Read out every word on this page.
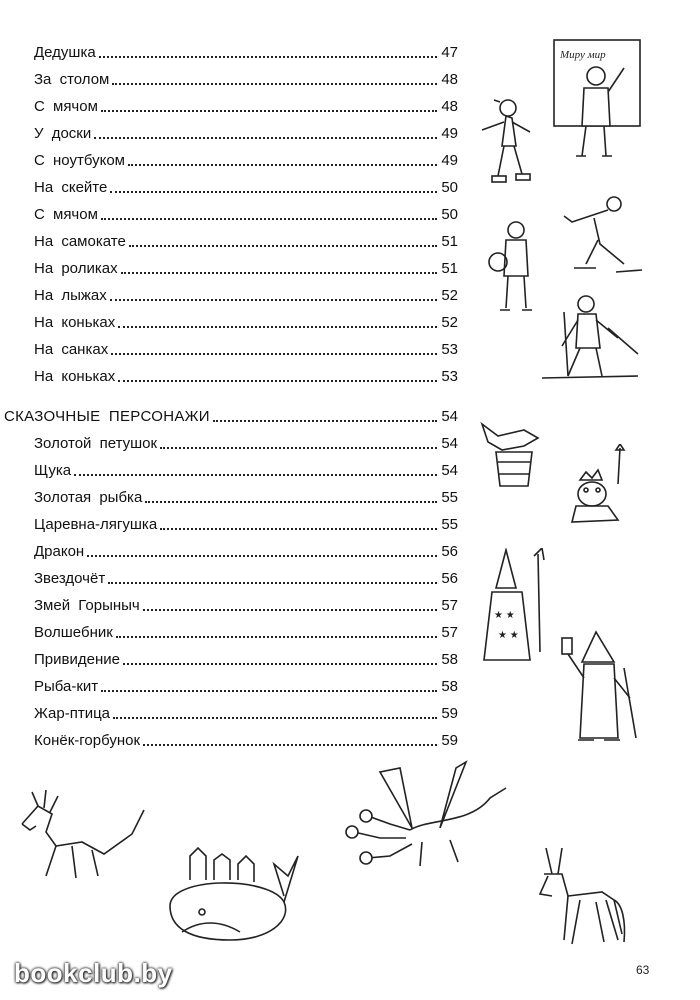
Дедушка	47
За столом	48
С мячом	48
У доски	49
С ноутбуком	49
На скейте	50
С мячом	50
На самокате	51
На роликах	51
На лыжах	52
На коньках	52
На санках	53
На коньках	53
СКАЗОЧНЫЕ ПЕРСОНАЖИ	54
Золотой петушок	54
Щука	54
Золотая рыбка	55
Царевна-лягушка	55
Дракон	56
Звездочёт	56
Змей Горыныч	57
Волшебник	57
Привидение	58
Рыба-кит	58
Жар-птица	59
Конёк-горбунок	59
Миру мир
★ ★
★ ★
bookclub.by	63
